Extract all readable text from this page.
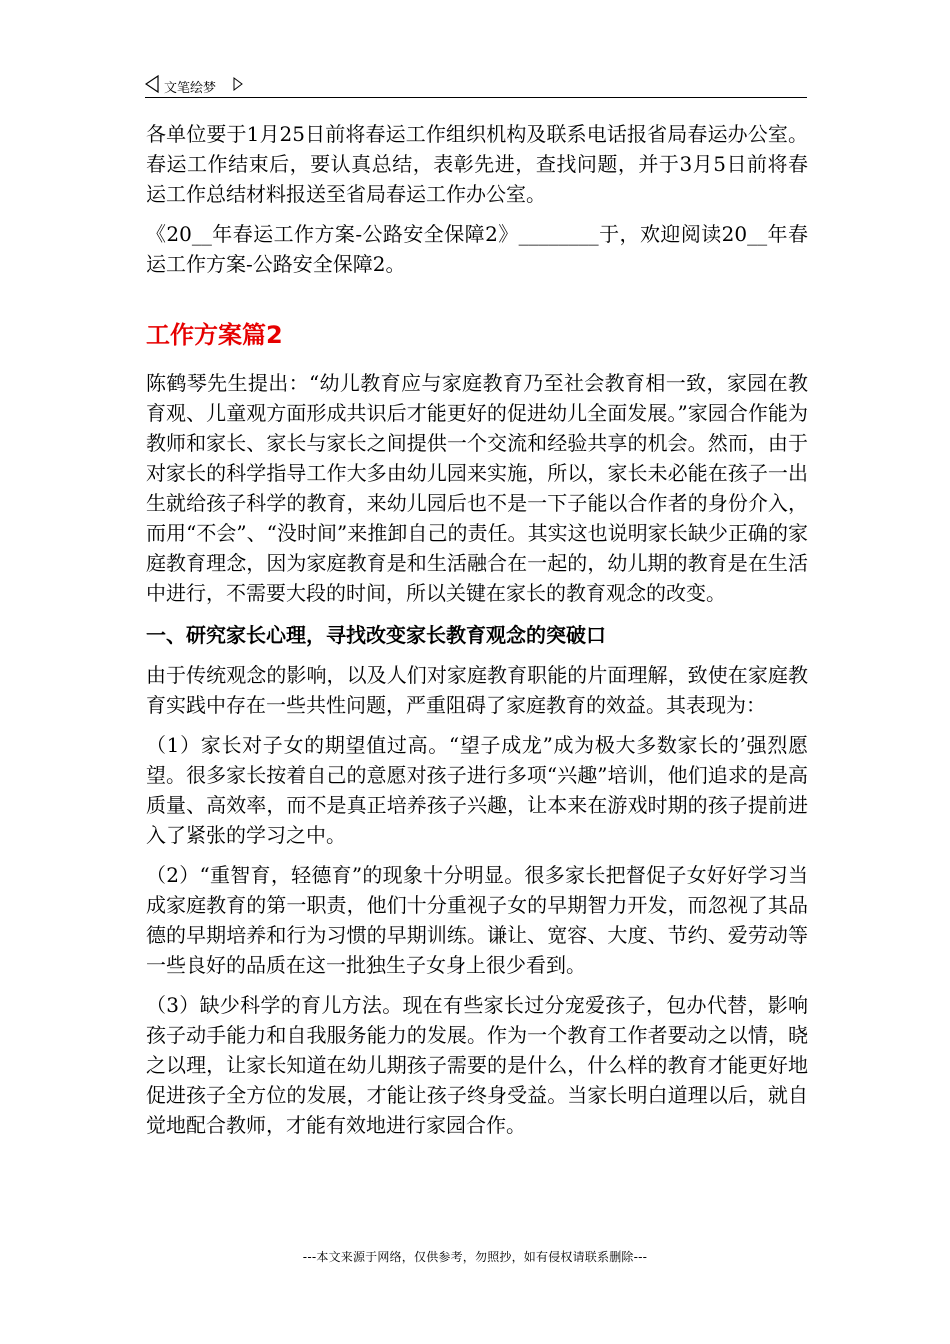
文笔绘梦

各单位要于1月25日前将春运工作组织机构及联系电话报省局春运办公室。春运工作结束后，要认真总结，表彰先进，查找问题，并于3月5日前将春运工作总结材料报送至省局春运工作办公室。

《20__年春运工作方案-公路安全保障2》________于，欢迎阅读20__年春运工作方案-公路安全保障2。

工作方案篇2

陈鹤琴先生提出：“幼儿教育应与家庭教育乃至社会教育相一致，家园在教育观、儿童观方面形成共识后才能更好的促进幼儿全面发展。”家园合作能为教师和家长、家长与家长之间提供一个交流和经验共享的机会。然而，由于对家长的科学指导工作大多由幼儿园来实施，所以，家长未必能在孩子一出生就给孩子科学的教育，来幼儿园后也不是一下子能以合作者的身份介入，而用“不会”、“没时间”来推卸自己的责任。其实这也说明家长缺少正确的家庭教育理念，因为家庭教育是和生活融合在一起的，幼儿期的教育是在生活中进行，不需要大段的时间，所以关键在家长的教育观念的改变。

一、研究家长心理，寻找改变家长教育观念的突破口

由于传统观念的影响，以及人们对家庭教育职能的片面理解，致使在家庭教育实践中存在一些共性问题，严重阻碍了家庭教育的效益。其表现为：

（1）家长对子女的期望值过高。“望子成龙”成为极大多数家长的’强烈愿望。很多家长按着自己的意愿对孩子进行多项“兴趣”培训，他们追求的是高质量、高效率，而不是真正培养孩子兴趣，让本来在游戏时期的孩子提前进入了紧张的学习之中。

（2）“重智育，轻德育”的现象十分明显。很多家长把督促子女好好学习当成家庭教育的第一职责，他们十分重视子女的早期智力开发，而忽视了其品德的早期培养和行为习惯的早期训练。谦让、宽容、大度、节约、爱劳动等一些良好的品质在这一批独生子女身上很少看到。

（3）缺少科学的育儿方法。现在有些家长过分宠爱孩子，包办代替，影响孩子动手能力和自我服务能力的发展。作为一个教育工作者要动之以情，晓之以理，让家长知道在幼儿期孩子需要的是什么，什么样的教育才能更好地促进孩子全方位的发展，才能让孩子终身受益。当家长明白道理以后，就自觉地配合教师，才能有效地进行家园合作。

---本文来源于网络，仅供参考，勿照抄，如有侵权请联系删除---
